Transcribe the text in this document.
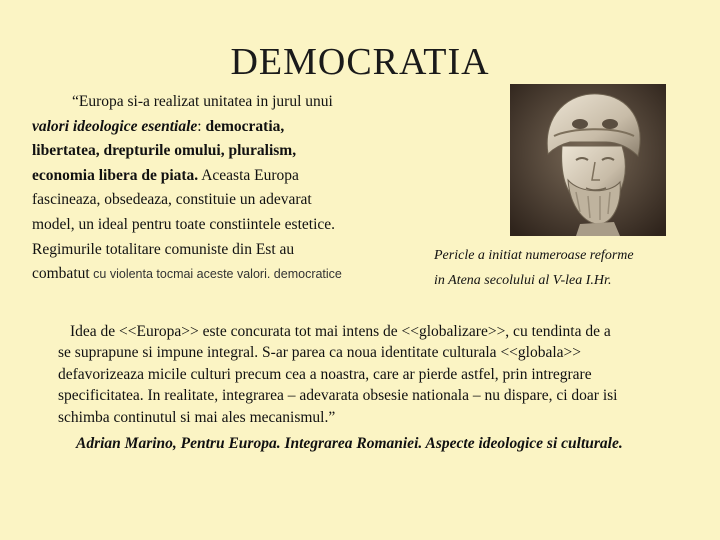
DEMOCRATIA
“Europa si-a realizat unitatea in jurul unui
valori ideologice esentiale: democratia,
libertatea, drepturile omului, pluralism,
economia libera de piata. Aceasta Europa
fascineaza, obsedeaza, constituie un adevarat
model, un ideal pentru toate constiintele estetice.
Regimurile totalitare comuniste din Est au
combatut cu violenta tocmai aceste valori. democratice
Pericle a initiat numeroase reforme
in Atena secolului al V-lea I.Hr.
Idea de <<Europa>> este concurata tot mai intens de <<globalizare>>, cu tendinta de a
se suprapune si impune integral. S-ar parea ca noua identitate culturala <<globala>>
defavorizeaza micile culturi precum cea a noastra, care ar pierde astfel, prin intregrare
specificitatea. In realitate, integrarea – adevarata obsesie nationala – nu dispare, ci doar isi
schimba continutul si mai ales mecanismul.”
Adrian Marino, Pentru Europa. Integrarea Romaniei. Aspecte ideologice si culturale.
